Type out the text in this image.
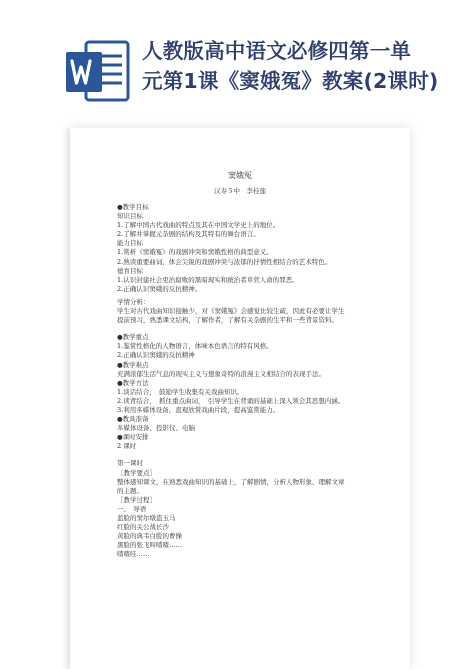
人教版高中语文必修四第一单
元第1课《窦娥冤》教案(2课时)
窦娥冤
汉寿５中　李桂莲
●教学目标
知识目标
1.了解中国古代戏曲的特点及其在中国文学史上的地位。
2.了解并掌握元杂剧的结构及其特有的舞台语言。
能力目标
1.赏析《窦娥冤》的戏剧冲突和窦娥性格的典型意义。
2.熟读重要曲词，体会尖锐的戏剧冲突与浓郁的抒情性相结合的艺术特色。
德育目标
1.认识封建社会吏治腐败的黑暗现实和统治者草菅人命的罪恶。
2.正确认识窦娥的反抗精神。
学情分析：
学生对古代戏曲知识接触少，对《窦娥冤》会感觉比较生疏，因此有必要让学生
提前预习，熟悉课文结构，了解作者，了解有关杂剧的生平和一些背景资料。
●教学重点
1.鉴赏性格化的人物语言，体味本色语言的特有风格。
2.正确认识窦娥的反抗精神
●教学难点
充满浓郁生活气息的现实主义与想象奇特的浪漫主义相结合的表现手法。
●教学方法
1.谈话结合，　鼓励学生收集有关戏曲知识。
2.读背结合，　抓住重点曲词，　引导学生在背诵的基础上深入领会其思想内涵。
3.利用多媒体设备，直观欣赏戏曲片段，提高鉴赏能力。
●教具准备
多媒体设备、投影仪、电脑
●课时安排
2 课时
第一课时
［教学要点］
整体感知课文，在熟悉戏曲知识的基础上，了解剧情，分析人物形象、理解文章
的主题。
［教学过程］
一、　导语
蓝脸的窦尔墩盗玉马
红脸的关公战长沙
黄脸的典韦白脸的曹操
黑脸的张飞叫喳喳……
喳喳哇……
